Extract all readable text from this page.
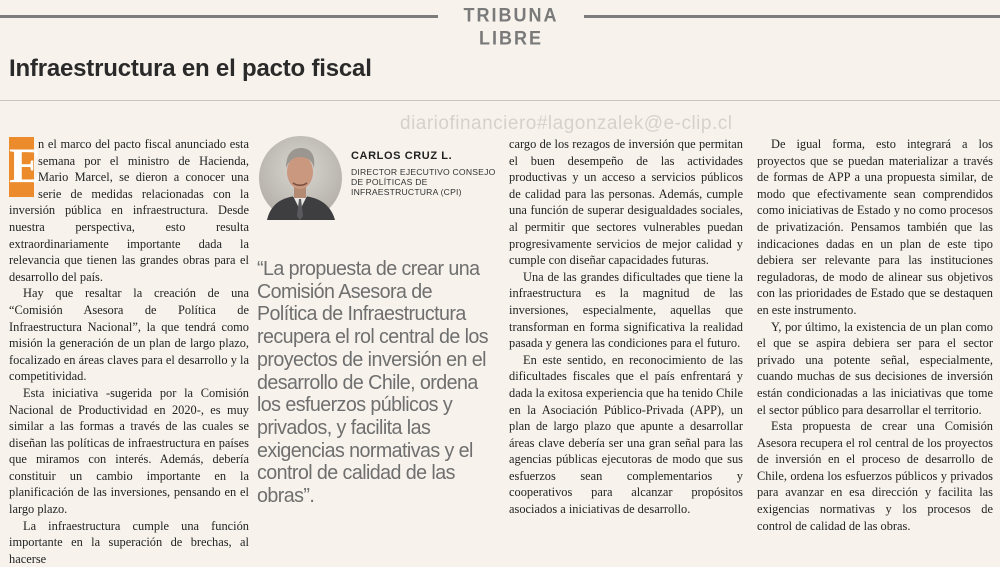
TRIBUNA LIBRE
Infraestructura en el pacto fiscal
diariofinanciero#lagonzalek@e-clip.cl
E

n el marco del pacto fiscal anunciado esta semana por el ministro de Hacienda, Mario Marcel, se dieron a conocer una serie de medidas relacionadas con la inversión pública en infraestructura. Desde nuestra perspectiva, esto resulta extraordinariamente importante dada la relevancia que tienen las grandes obras para el desarrollo del país.

Hay que resaltar la creación de una “Comisión Asesora de Política de Infraestructura Nacional”, la que tendrá como misión la generación de un plan de largo plazo, focalizado en áreas claves para el desarrollo y la competitividad.

Esta iniciativa -sugerida por la Comisión Nacional de Productividad en 2020-, es muy similar a las formas a través de las cuales se diseñan las políticas de infraestructura en países que miramos con interés. Además, debería constituir un cambio importante en la planificación de las inversiones, pensando en el largo plazo.

La infraestructura cumple una función importante en la superación de brechas, al hacerse

CARLOS CRUZ L.
DIRECTOR EJECUTIVO CONSEJO DE POLÍTICAS DE INFRAESTRUCTURA (CPI)
“La propuesta de crear una Comisión Asesora de Política de Infraestructura recupera el rol central de los proyectos de inversión en el desarrollo de Chile, ordena los esfuerzos públicos y privados, y facilita las exigencias normativas y el control de calidad de las obras”.

cargo de los rezagos de inversión que permitan el buen desempeño de las actividades productivas y un acceso a servicios públicos de calidad para las personas. Además, cumple una función de superar desigualdades sociales, al permitir que sectores vulnerables puedan progresivamente servicios de mejor calidad y cumple con diseñar capacidades futuras.

Una de las grandes dificultades que tiene la infraestructura es la magnitud de las inversiones, especialmente, aquellas que transforman en forma significativa la realidad pasada y genera las condiciones para el futuro.

En este sentido, en reconocimiento de las dificultades fiscales que el país enfrentará y dada la exitosa experiencia que ha tenido Chile en la Asociación Público-Privada (APP), un plan de largo plazo que apunte a desarrollar áreas clave debería ser una gran señal para las agencias públicas ejecutoras de modo que sus esfuerzos sean complementarios y cooperativos para alcanzar propósitos asociados a iniciativas de desarrollo.

De igual forma, esto integrará a los proyectos que se puedan materializar a través de formas de APP a una propuesta similar, de modo que efectivamente sean comprendidos como iniciativas de Estado y no como procesos de privatización. Pensamos también que las indicaciones dadas en un plan de este tipo debiera ser relevante para las instituciones reguladoras, de modo de alinear sus objetivos con las prioridades de Estado que se destaquen en este instrumento.

Y, por último, la existencia de un plan como el que se aspira debiera ser para el sector privado una potente señal, especialmente, cuando muchas de sus decisiones de inversión están condicionadas a las iniciativas que tome el sector público para desarrollar el territorio.

Esta propuesta de crear una Comisión Asesora recupera el rol central de los proyectos de inversión en el proceso de desarrollo de Chile, ordena los esfuerzos públicos y privados para avanzar en esa dirección y facilita las exigencias normativas y los procesos de control de calidad de las obras.
